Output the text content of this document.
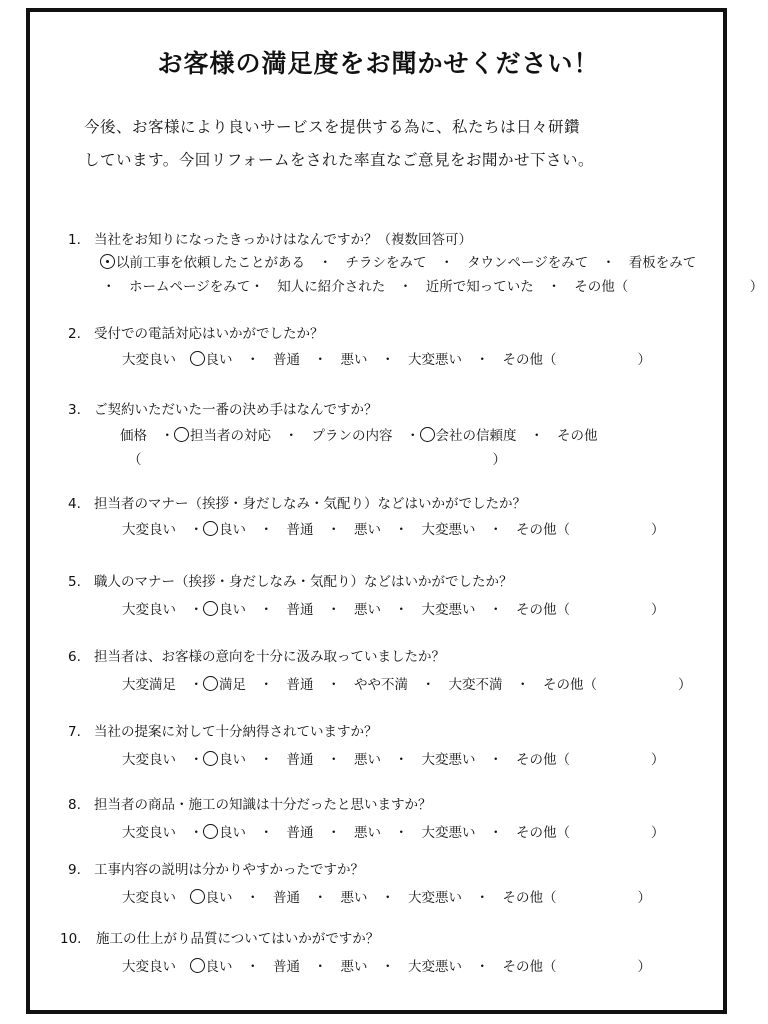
お客様の満足度をお聞かせください！
今後、お客様により良いサービスを提供する為に、私たちは日々研鑽
しています。今回リフォームをされた率直なご意見をお聞かせ下さい。
1. 当社をお知りになったきっかけはなんですか？（複数回答可）
以前工事を依頼したことがある　・　チラシをみて　・　タウンページをみて　・　看板をみて
・　ホームページをみて・　知人に紹介された　・　近所で知っていた　・　その他（　　　　　　　　　）
2. 受付での電話対応はいかがでしたか？
大変良い　 ○良い　・　普通　・　悪い　・　大変悪い　・　その他（　　　　　　）
3. ご契約いただいた一番の決め手はなんですか？
価格　・○担当者の対応　・　プランの内容　・○会社の信頼度　・　その他
（　　　　　　　　　　　　　　　　　　　　　　　　　　）
4. 担当者のマナー（挨拶・身だしなみ・気配り）などはいかがでしたか？
大変良い　・○良い　・　普通　・　悪い　・　大変悪い　・　その他（　　　　　　）
5. 職人のマナー（挨拶・身だしなみ・気配り）などはいかがでしたか？
大変良い　・○良い　・　普通　・　悪い　・　大変悪い　・　その他（　　　　　　）
6. 担当者は、お客様の意向を十分に汲み取っていましたか？
大変満足　・○満足　・　普通　・　やや不満　・　大変不満　・　その他（　　　　　　）
7. 当社の提案に対して十分納得されていますか？
大変良い　・○良い　・　普通　・　悪い　・　大変悪い　・　その他（　　　　　　）
8. 担当者の商品・施工の知識は十分だったと思いますか？
大変良い　・○良い　・　普通　・　悪い　・　大変悪い　・　その他（　　　　　　）
9. 工事内容の説明は分かりやすかったですか？
大変良い　 ○良い　・　普通　・　悪い　・　大変悪い　・　その他（　　　　　　）
10. 施工の仕上がり品質についてはいかがですか？
大変良い　 ○良い　・　普通　・　悪い　・　大変悪い　・　その他（　　　　　　）
